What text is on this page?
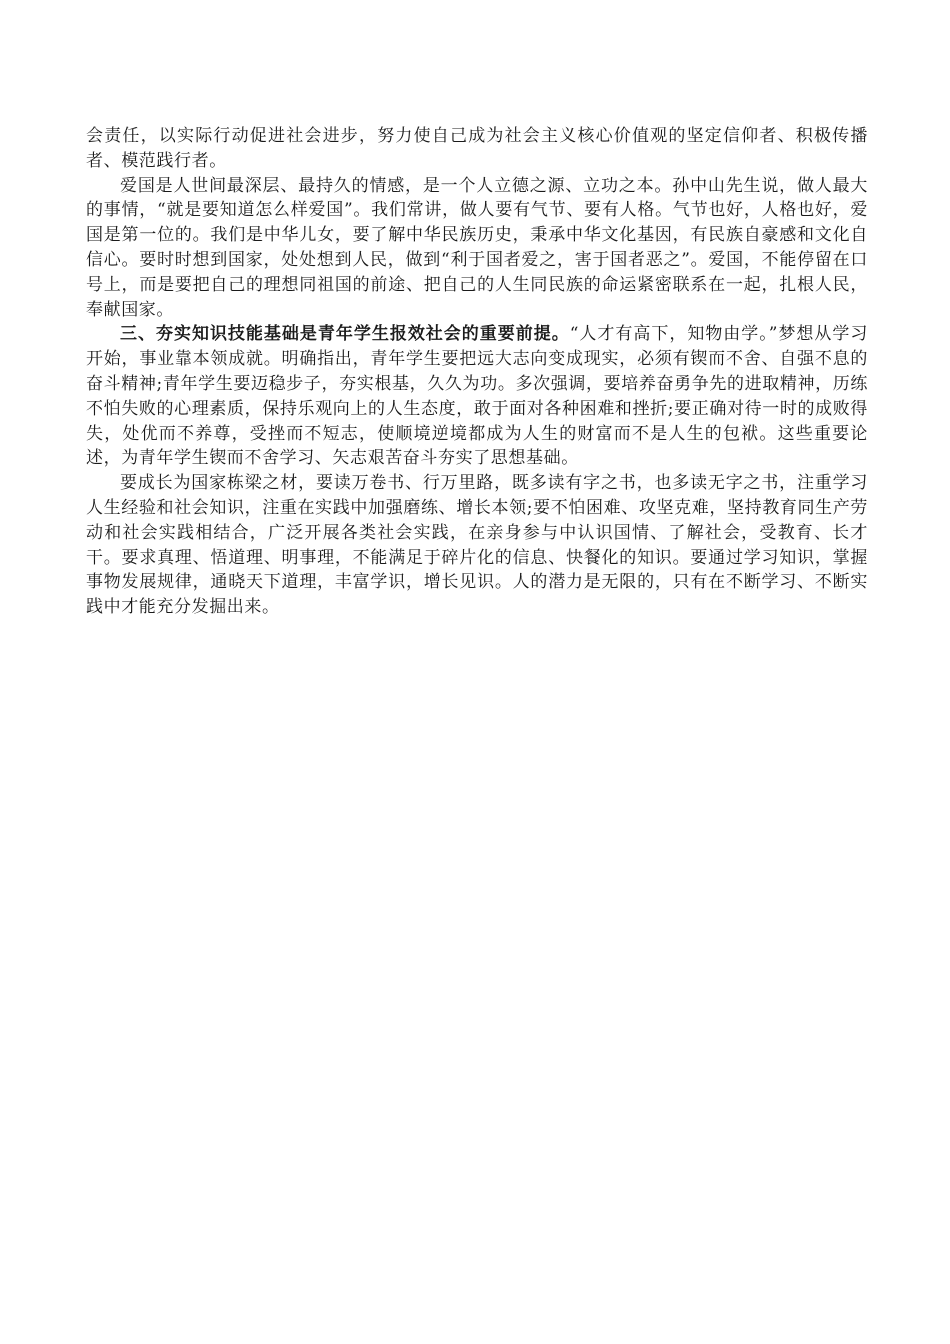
会责任，以实际行动促进社会进步，努力使自己成为社会主义核心价值观的坚定信仰者、积极传播者、模范践行者。

爱国是人世间最深层、最持久的情感，是一个人立德之源、立功之本。孙中山先生说，做人最大的事情，“就是要知道怎么样爱国”。我们常讲，做人要有气节、要有人格。气节也好，人格也好，爱国是第一位的。我们是中华儿女，要了解中华民族历史，秉承中华文化基因，有民族自豪感和文化自信心。要时时想到国家，处处想到人民，做到“利于国者爱之，害于国者恶之”。爱国，不能停留在口号上，而是要把自己的理想同祖国的前途、把自己的人生同民族的命运紧密联系在一起，扎根人民，奉献国家。

三、夯实知识技能基础是青年学生报效社会的重要前提。“人才有高下，知物由学。”梦想从学习开始，事业靠本领成就。明确指出，青年学生要把远大志向变成现实，必须有锲而不舍、自强不息的奋斗精神;青年学生要迈稳步子，夯实根基，久久为功。多次强调，要培养奋勇争先的进取精神，历练不怕失败的心理素质，保持乐观向上的人生态度，敢于面对各种困难和挫折;要正确对待一时的成败得失，处优而不养尊，受挫而不短志，使顺境逆境都成为人生的财富而不是人生的包袱。这些重要论述，为青年学生锲而不舍学习、矢志艰苦奋斗夯实了思想基础。

要成长为国家栋梁之材，要读万卷书、行万里路，既多读有字之书，也多读无字之书，注重学习人生经验和社会知识，注重在实践中加强磨练、增长本领;要不怕困难、攻坚克难，坚持教育同生产劳动和社会实践相结合，广泛开展各类社会实践，在亲身参与中认识国情、了解社会，受教育、长才干。要求真理、悟道理、明事理，不能满足于碎片化的信息、快餐化的知识。要通过学习知识，掌握事物发展规律，通晓天下道理，丰富学识，增长见识。人的潜力是无限的，只有在不断学习、不断实践中才能充分发掘出来。
